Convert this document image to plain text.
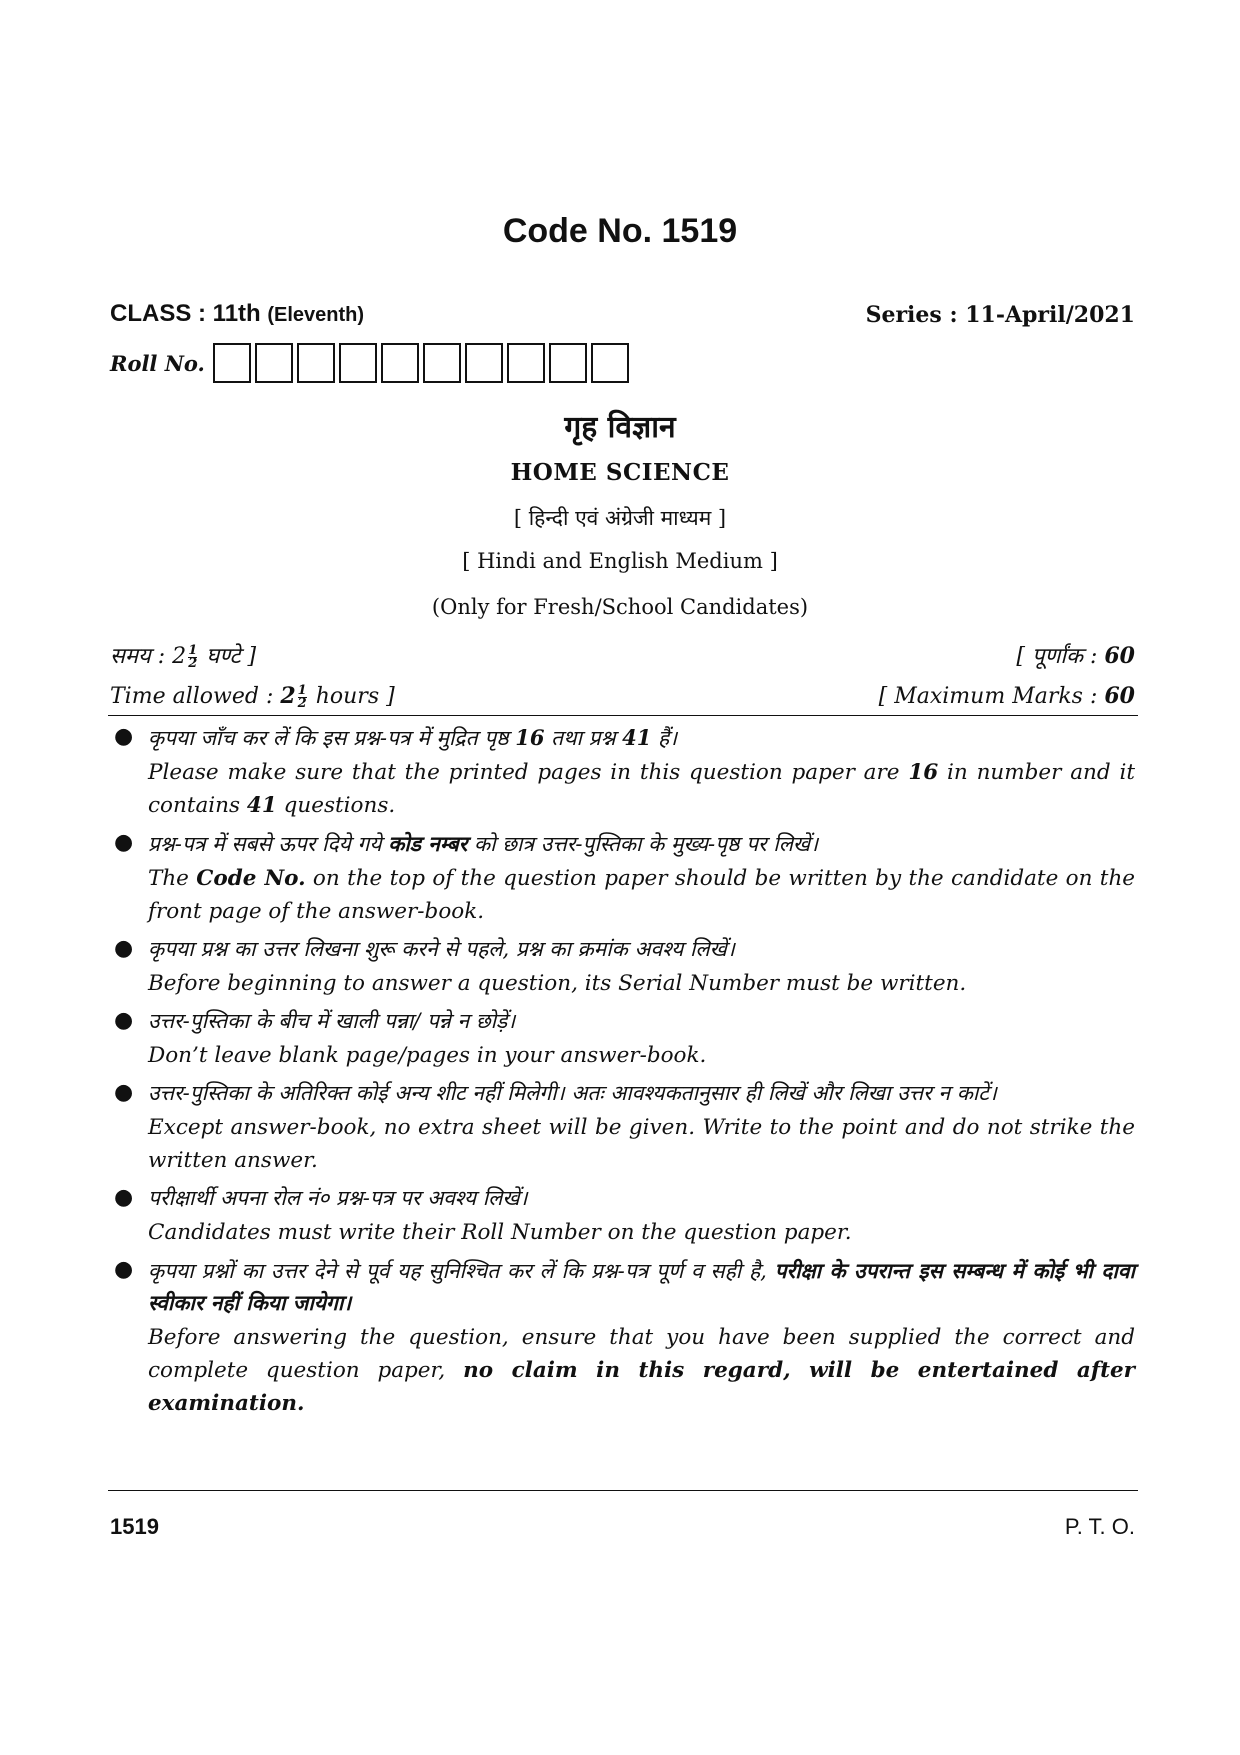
Code No. 1519
CLASS : 11th (Eleventh)	Series : 11-April/2021
Roll No.
गृह विज्ञान
HOME SCIENCE
[ हिन्दी एवं अंग्रेजी माध्यम ]
[ Hindi and English Medium ]
(Only for Fresh/School Candidates)
समय : $2 \frac{1}{2}$ घण्टे ]	[ पूर्णांक : 60
Time allowed : $2 \frac{1}{2}$ hours ]	[ Maximum Marks : 60
● कृपया जाँच कर लें कि इस प्रश्न-पत्र में मुद्रित पृष्ठ 16 तथा प्रश्न 41 हैं।
Please make sure that the printed pages in this question paper are 16 in number and it contains 41 questions.
● प्रश्न-पत्र में सबसे ऊपर दिये गये कोड नम्बर को छात्र उत्तर-पुस्तिका के मुख्य-पृष्ठ पर लिखें।
The Code No. on the top of the question paper should be written by the candidate on the front page of the answer-book.
● कृपया प्रश्न का उत्तर लिखना शुरू करने से पहले, प्रश्न का क्रमांक अवश्य लिखें।
Before beginning to answer a question, its Serial Number must be written.
● उत्तर-पुस्तिका के बीच में खाली पन्ना/ पन्ने न छोड़ें।
Don’t leave blank page/pages in your answer-book.
● उत्तर-पुस्तिका के अतिरिक्त कोई अन्य शीट नहीं मिलेगी। अतः आवश्यकतानुसार ही लिखें और लिखा उत्तर न काटें।
Except answer-book, no extra sheet will be given. Write to the point and do not strike the written answer.
● परीक्षार्थी अपना रोल नं० प्रश्न-पत्र पर अवश्य लिखें।
Candidates must write their Roll Number on the question paper.
● कृपया प्रश्नों का उत्तर देने से पूर्व यह सुनिश्चित कर लें कि प्रश्न-पत्र पूर्ण व सही है, परीक्षा के उपरान्त इस सम्बन्ध में कोई भी दावा स्वीकार नहीं किया जायेगा।
Before answering the question, ensure that you have been supplied the correct and complete question paper, no claim in this regard, will be entertained after examination.
1519	P. T. O.
